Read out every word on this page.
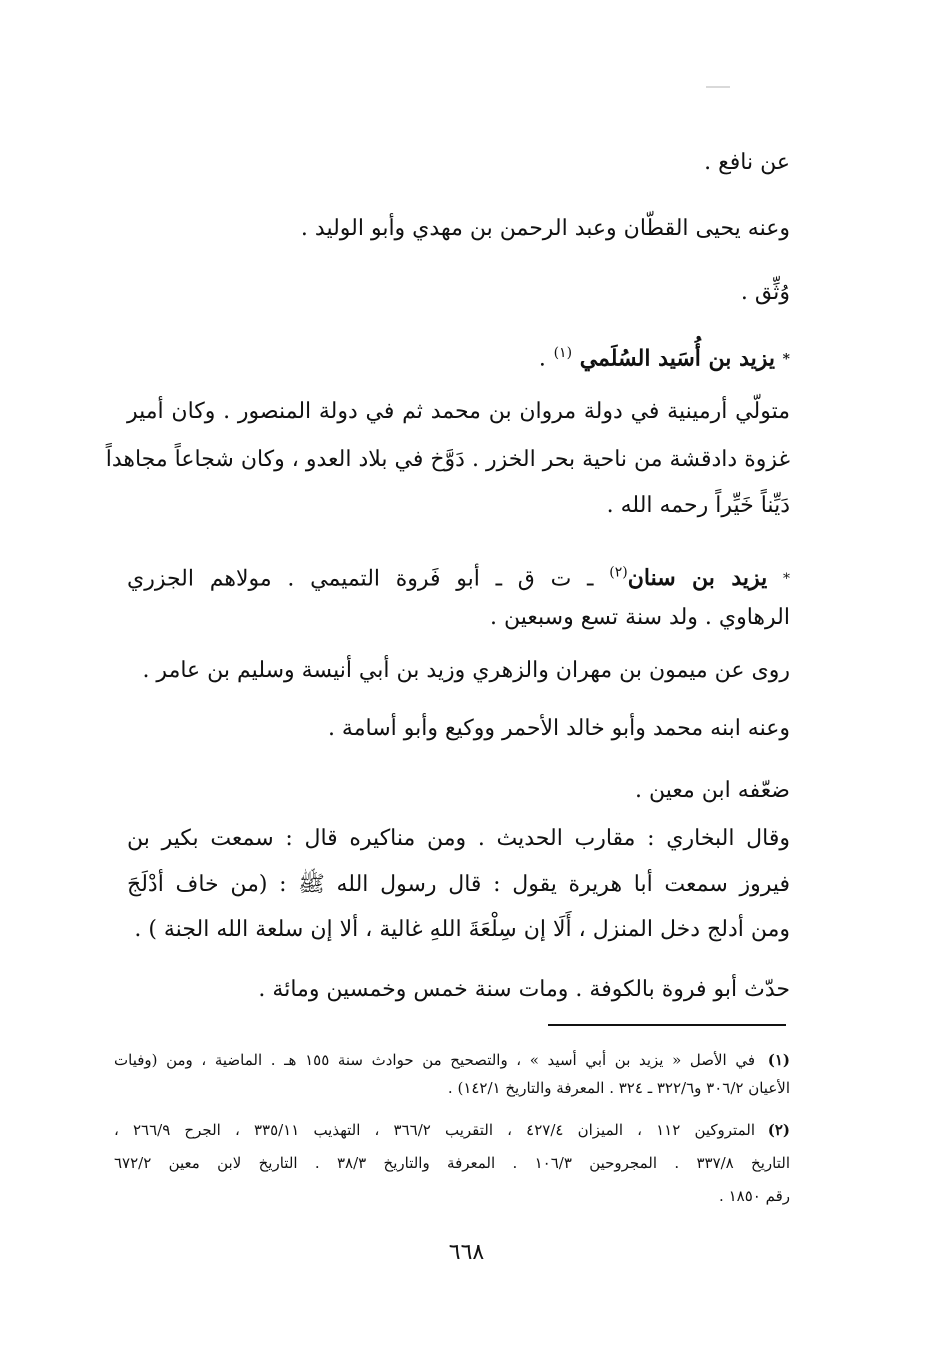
عن نافع .
وعنه يحيى القطّان وعبد الرحمن بن مهدي وأبو الوليد .
وُثِّق .
* يزيد بن أُسَيد السُلَمي $^{(١)}$ .
متولّي أرمينية في دولة مروان بن محمد ثم في دولة المنصور . وكان أمير
غزوة دادقشة من ناحية بحر الخزر . دَوَّخ في بلاد العدو ، وكان شجاعاً مجاهداً
دَيِّناً خَيِّراً رحمه الله .
* يزيد بن سنان$^{(٢)}$ ـ ت ق ـ أبو فَروة التميمي . مولاهم الجزري
الرهاوي . ولد سنة تسع وسبعين .
روى عن ميمون بن مهران والزهري وزيد بن أبي أنيسة وسليم بن عامر .
وعنه ابنه محمد وأبو خالد الأحمر ووكيع وأبو أسامة .
ضعّفه ابن معين .
وقال البخاري : مقارب الحديث . ومن مناكيره قال : سمعت بكير بن
فيروز سمعت أبا هريرة يقول : قال رسول الله ﷺ : (من خاف أدْلَجَ
ومن أدلج دخل المنزل ، أَلَا إن سِلْعَةَ اللهِ غالية ، ألا إن سلعة الله الجنة ) .
حدّث أبو فروة بالكوفة . ومات سنة خمس وخمسين ومائة .
(١)
في الأصل « يزيد بن أبي أسيد » ، والتصحيح من حوادث سنة ١٥٥ هـ . الماضية ، ومن (وفيات
الأعيان ٣٠٦/٢ و٣٢٢/٦ ـ ٣٢٤ . المعرفة والتاريخ ١٤٢/١) .
(٢)
المتروكين ١١٢ ، الميزان ٤٢٧/٤ ، التقريب ٣٦٦/٢ ، التهذيب ٣٣٥/١١ ، الجرح ٢٦٦/٩ ،
التاريخ ٣٣٧/٨ . المجروحين ١٠٦/٣ . المعرفة والتاريخ ٣٨/٣ . التاريخ لابن معين ٦٧٢/٢
رقم ١٨٥٠ .
٦٦٨
